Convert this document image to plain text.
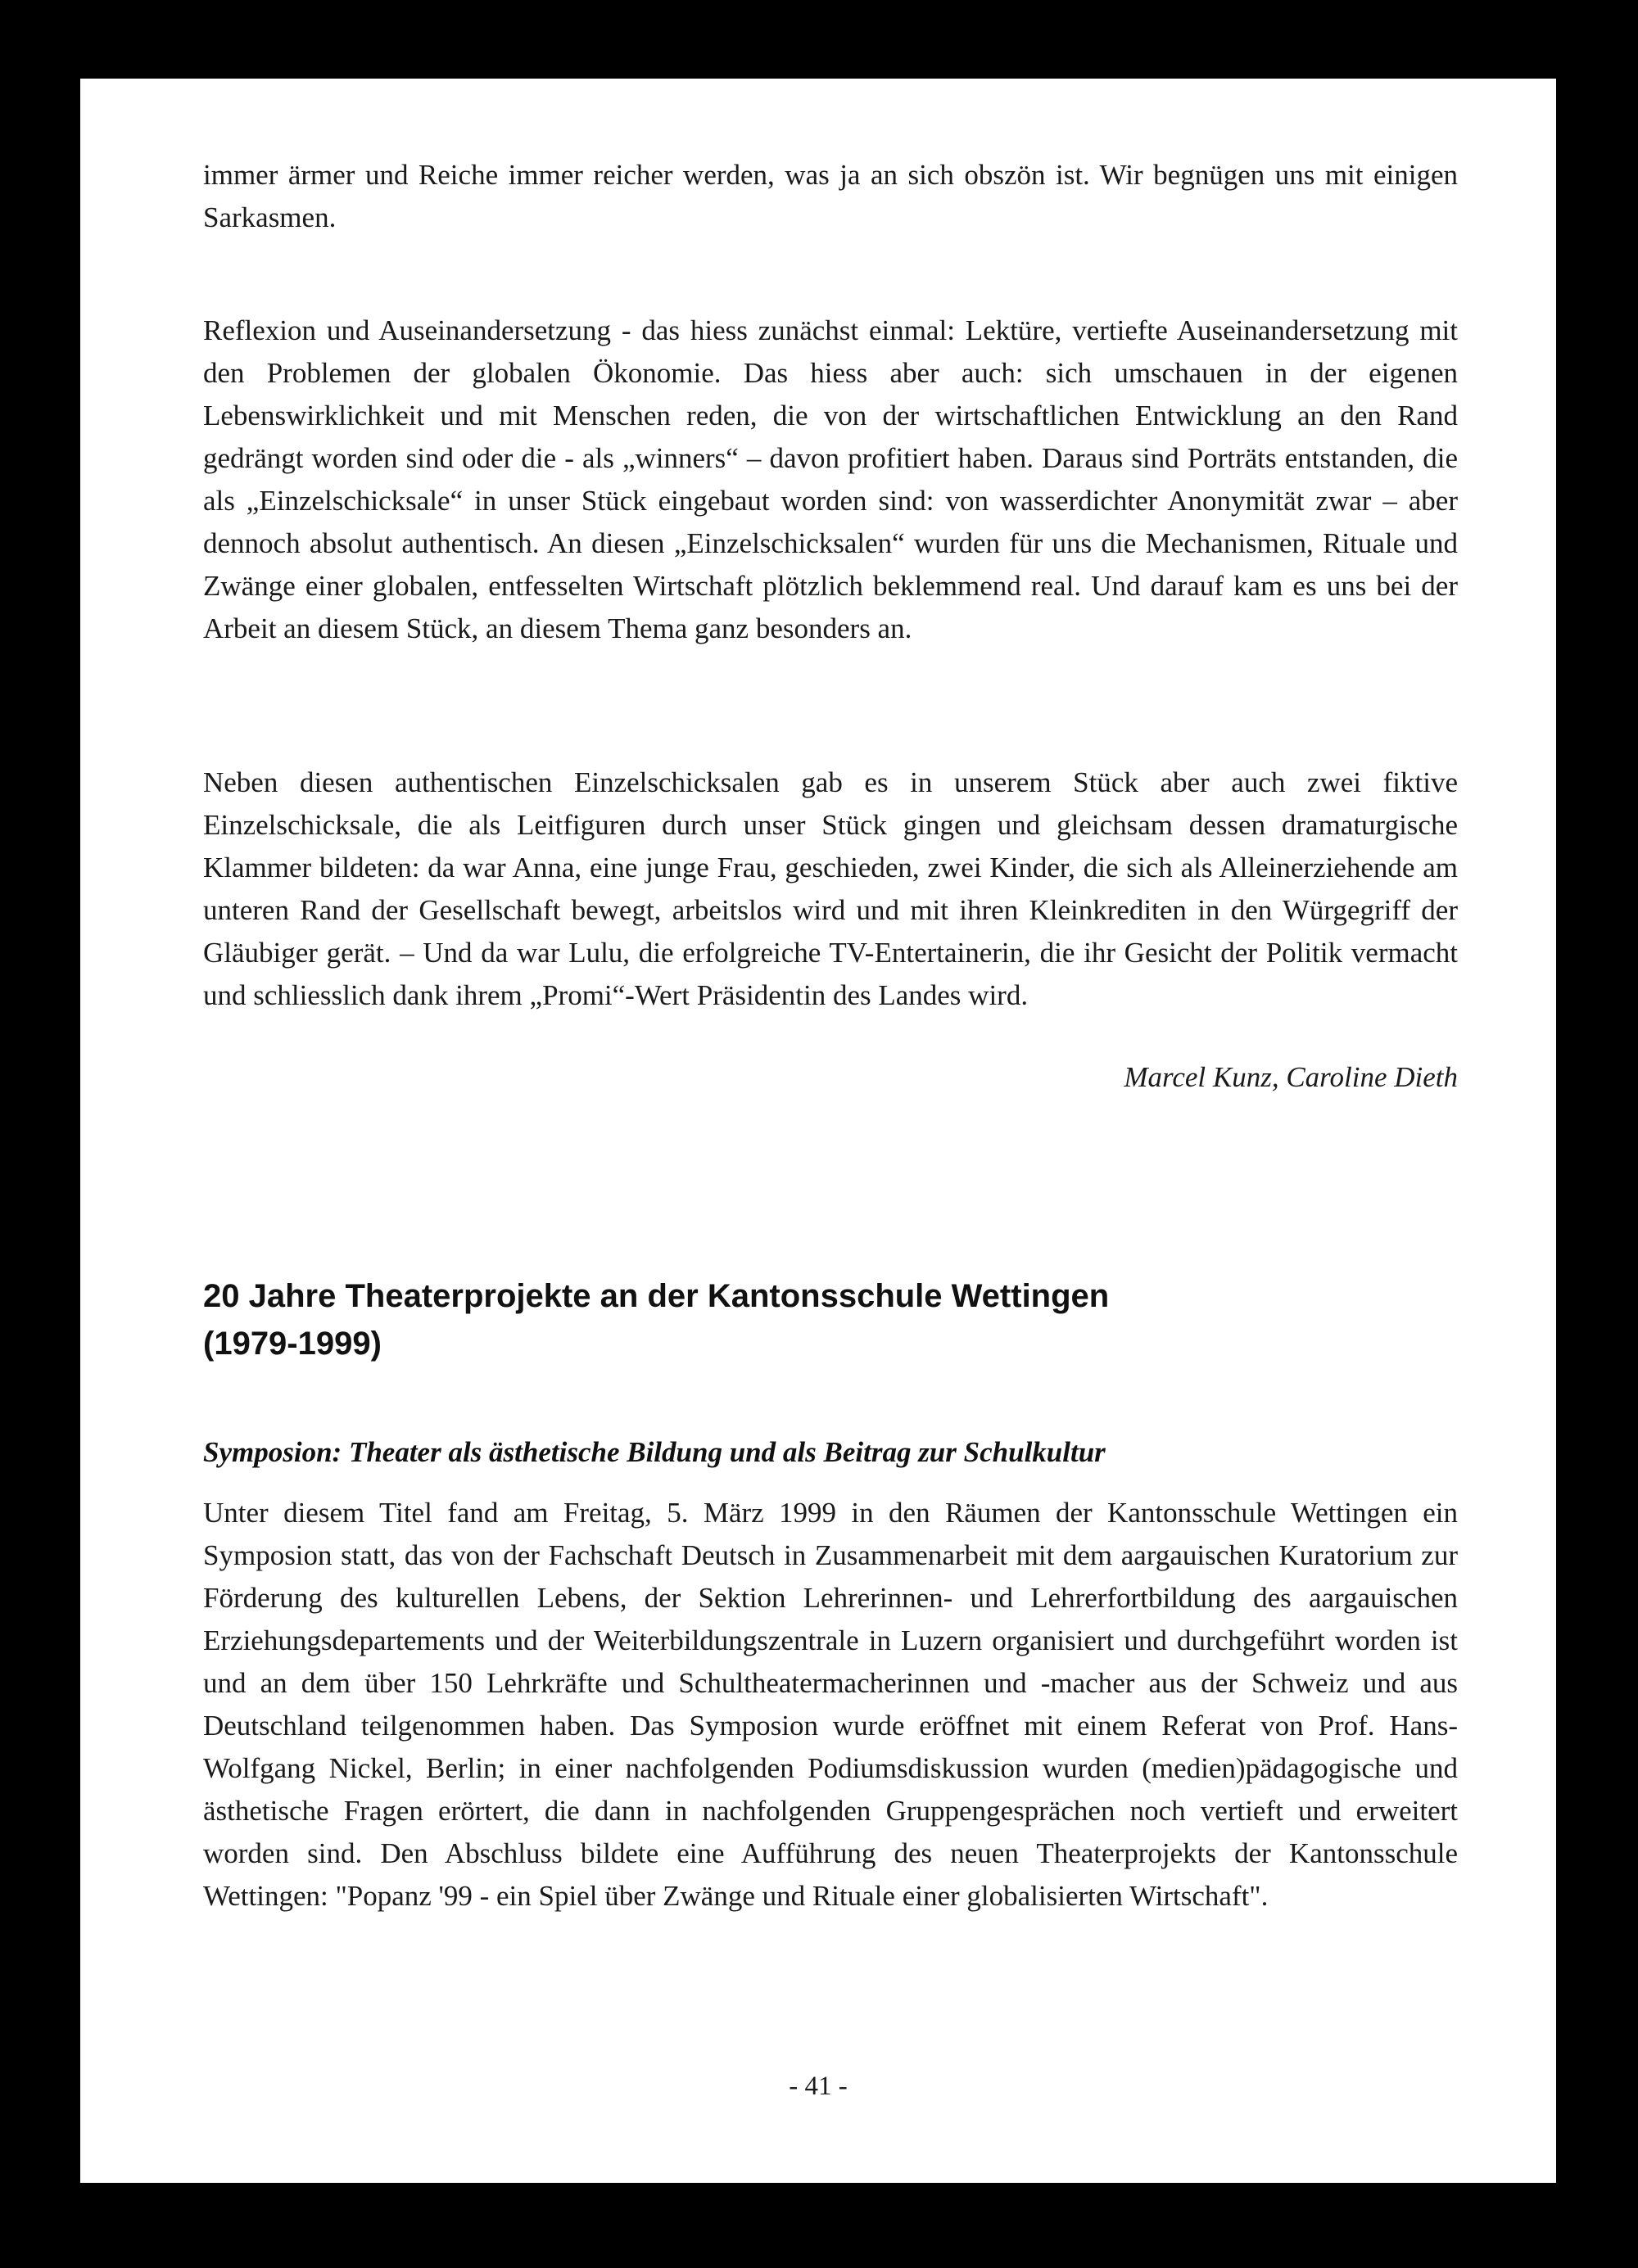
immer ärmer und Reiche immer reicher werden, was ja an sich obszön ist. Wir begnügen uns mit einigen Sarkasmen.

Reflexion und Auseinandersetzung - das hiess zunächst einmal: Lektüre, vertiefte Auseinandersetzung mit den Problemen der globalen Ökonomie. Das hiess aber auch: sich umschauen in der eigenen Lebenswirklichkeit und mit Menschen reden, die von der wirtschaftlichen Entwicklung an den Rand gedrängt worden sind oder die - als „winners“ – davon profitiert haben. Daraus sind Porträts entstanden, die als „Einzelschicksale“ in unser Stück eingebaut worden sind: von wasserdichter Anonymität zwar – aber dennoch absolut authentisch. An diesen „Einzelschicksalen“ wurden für uns die Mechanismen, Rituale und Zwänge einer globalen, entfesselten Wirtschaft plötzlich beklemmend real. Und darauf kam es uns bei der Arbeit an diesem Stück, an diesem Thema ganz besonders an.

Neben diesen authentischen Einzelschicksalen gab es in unserem Stück aber auch zwei fiktive Einzelschicksale, die als Leitfiguren durch unser Stück gingen und gleichsam dessen dramaturgische Klammer bildeten: da war Anna, eine junge Frau, geschieden, zwei Kinder, die sich als Alleinerziehende am unteren Rand der Gesellschaft bewegt, arbeitslos wird und mit ihren Kleinkrediten in den Würgegriff der Gläubiger gerät. – Und da war Lulu, die erfolgreiche TV-Entertainerin, die ihr Gesicht der Politik vermacht und schliesslich dank ihrem „Promi“-Wert Präsidentin des Landes wird.

Marcel Kunz, Caroline Dieth

20 Jahre Theaterprojekte an der Kantonsschule Wettingen
(1979-1999)
Symposion: Theater als ästhetische Bildung und als Beitrag zur Schulkultur

Unter diesem Titel fand am Freitag, 5. März 1999 in den Räumen der Kantonsschule Wettingen ein Symposion statt, das von der Fachschaft Deutsch in Zusammenarbeit mit dem aargauischen Kuratorium zur Förderung des kulturellen Lebens, der Sektion Lehrerinnen- und Lehrerfortbildung des aargauischen Erziehungsdepartements und der Weiterbildungszentrale in Luzern organisiert und durchgeführt worden ist und an dem über 150 Lehrkräfte und Schultheatermacherinnen und -macher aus der Schweiz und aus Deutschland teilgenommen haben. Das Symposion wurde eröffnet mit einem Referat von Prof. Hans-Wolfgang Nickel, Berlin; in einer nachfolgenden Podiumsdiskussion wurden (medien)pädagogische und ästhetische Fragen erörtert, die dann in nachfolgenden Gruppengesprächen noch vertieft und erweitert worden sind. Den Abschluss bildete eine Aufführung des neuen Theaterprojekts der Kantonsschule Wettingen: "Popanz '99 - ein Spiel über Zwänge und Rituale einer globalisierten Wirtschaft".

- 41 -
